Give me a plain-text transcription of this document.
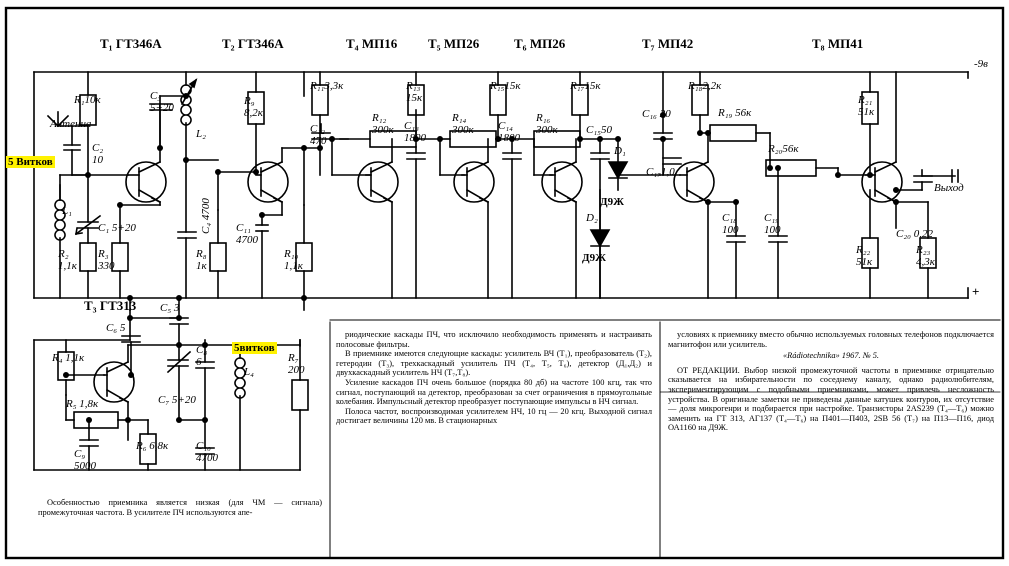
T₁ ГТ346А	T₂ ГТ346А	T₄ МП16 T₅ МП26	T₆ МП26	T₇ МП42	T₈ МП41
T₃ ГТ313
R₁10к
C₂
10
C₁ 5+20
R₂
1,1к
R₃
330
C₃
5+20
C₄ 4700
L₁
L₂
R₉
8,2к
C₁₁
4700
R₈
1к
R₁₀
1,1к
R₁₁3,3к
C₁₂
470
R₁₂
300к
R₁₃
15к
C₁₃
1800
R₁₄
300к
R₁₅15к
C₁₄
1800
R₁₆
300к
R₁₇15к
C₁₅50
D₁
Д9Ж
D₂
Д9Ж
C₁₆ 20
R₁₈2,2к
R₁₉ 56к
C₁₇1,0
R₂₀56к
C₁₈
100
C₁₉
100
R₂₁
51к
R₂₂
51к
R₂₃
4,3к
C₂₀ 0,22
C₆ 5
C₅ 3
R₄ 1,1к
R₅ 1,8к	C₇ 5+20
C₈
6
L₄
R₇
200
R₆ 6,8к
C₉
5000
C₁₀
4700
Антенна
5 Витков
5витков
Выход
-9в
+

Особенностью приемника является низкая (для ЧМ — сигнала) промежуточная частота. В усилителе ПЧ используются апе-

риодические каскады ПЧ, что исключило необходимость применять и настраивать полосовые фильтры.

В приемнике имеются следующие каскады: усилитель ВЧ (Т₁), преобразователь (Т₂), гетеродин (Т₃), трехкаскадный усилитель ПЧ (Т₄, Т₅, Т₆), детектор (Д₁,Д₂) и двухкаскадный усилитель НЧ (Т₇,Т₈).

Усиление каскадов ПЧ очень большое (порядка 80 дб) на частоте 100 кгц, так что сигнал, поступающий на детектор, преобразован за счет ограничения в прямоугольные колебания. Импульсный детектор преобразует поступающие импульсы в НЧ сигнал.

Полоса частот, воспроизводимая усилителем НЧ, 10 гц — 20 кгц. Выходной сигнал достигает величины 120 мв. В стационарных

условиях к приемнику вместо обычно используемых головных телефонов подключается магнитофон или усилитель.

«Rádiotechnika» 1967. № 5.

ОТ РЕДАКЦИИ. Выбор низкой промежуточной частоты в приемнике отрицательно сказывается на избирательности по соседнему каналу, однако радиолюбителям, экспериментирующим с подобными приемниками, может привлечь несложность устройства. В оригинале заметки не приведены данные катушек контуров, их отсутствие — доля микрогенри и подбирается при настройке. Транзисторы 2АS239 (Т₄—Т₆) можно заменить на ГТ 313, АГ137 (Т₄—Т₆) на П401—П403, 2SB 56 (Т₇) на П13—П16, диод ОА1160 на Д9Ж.
